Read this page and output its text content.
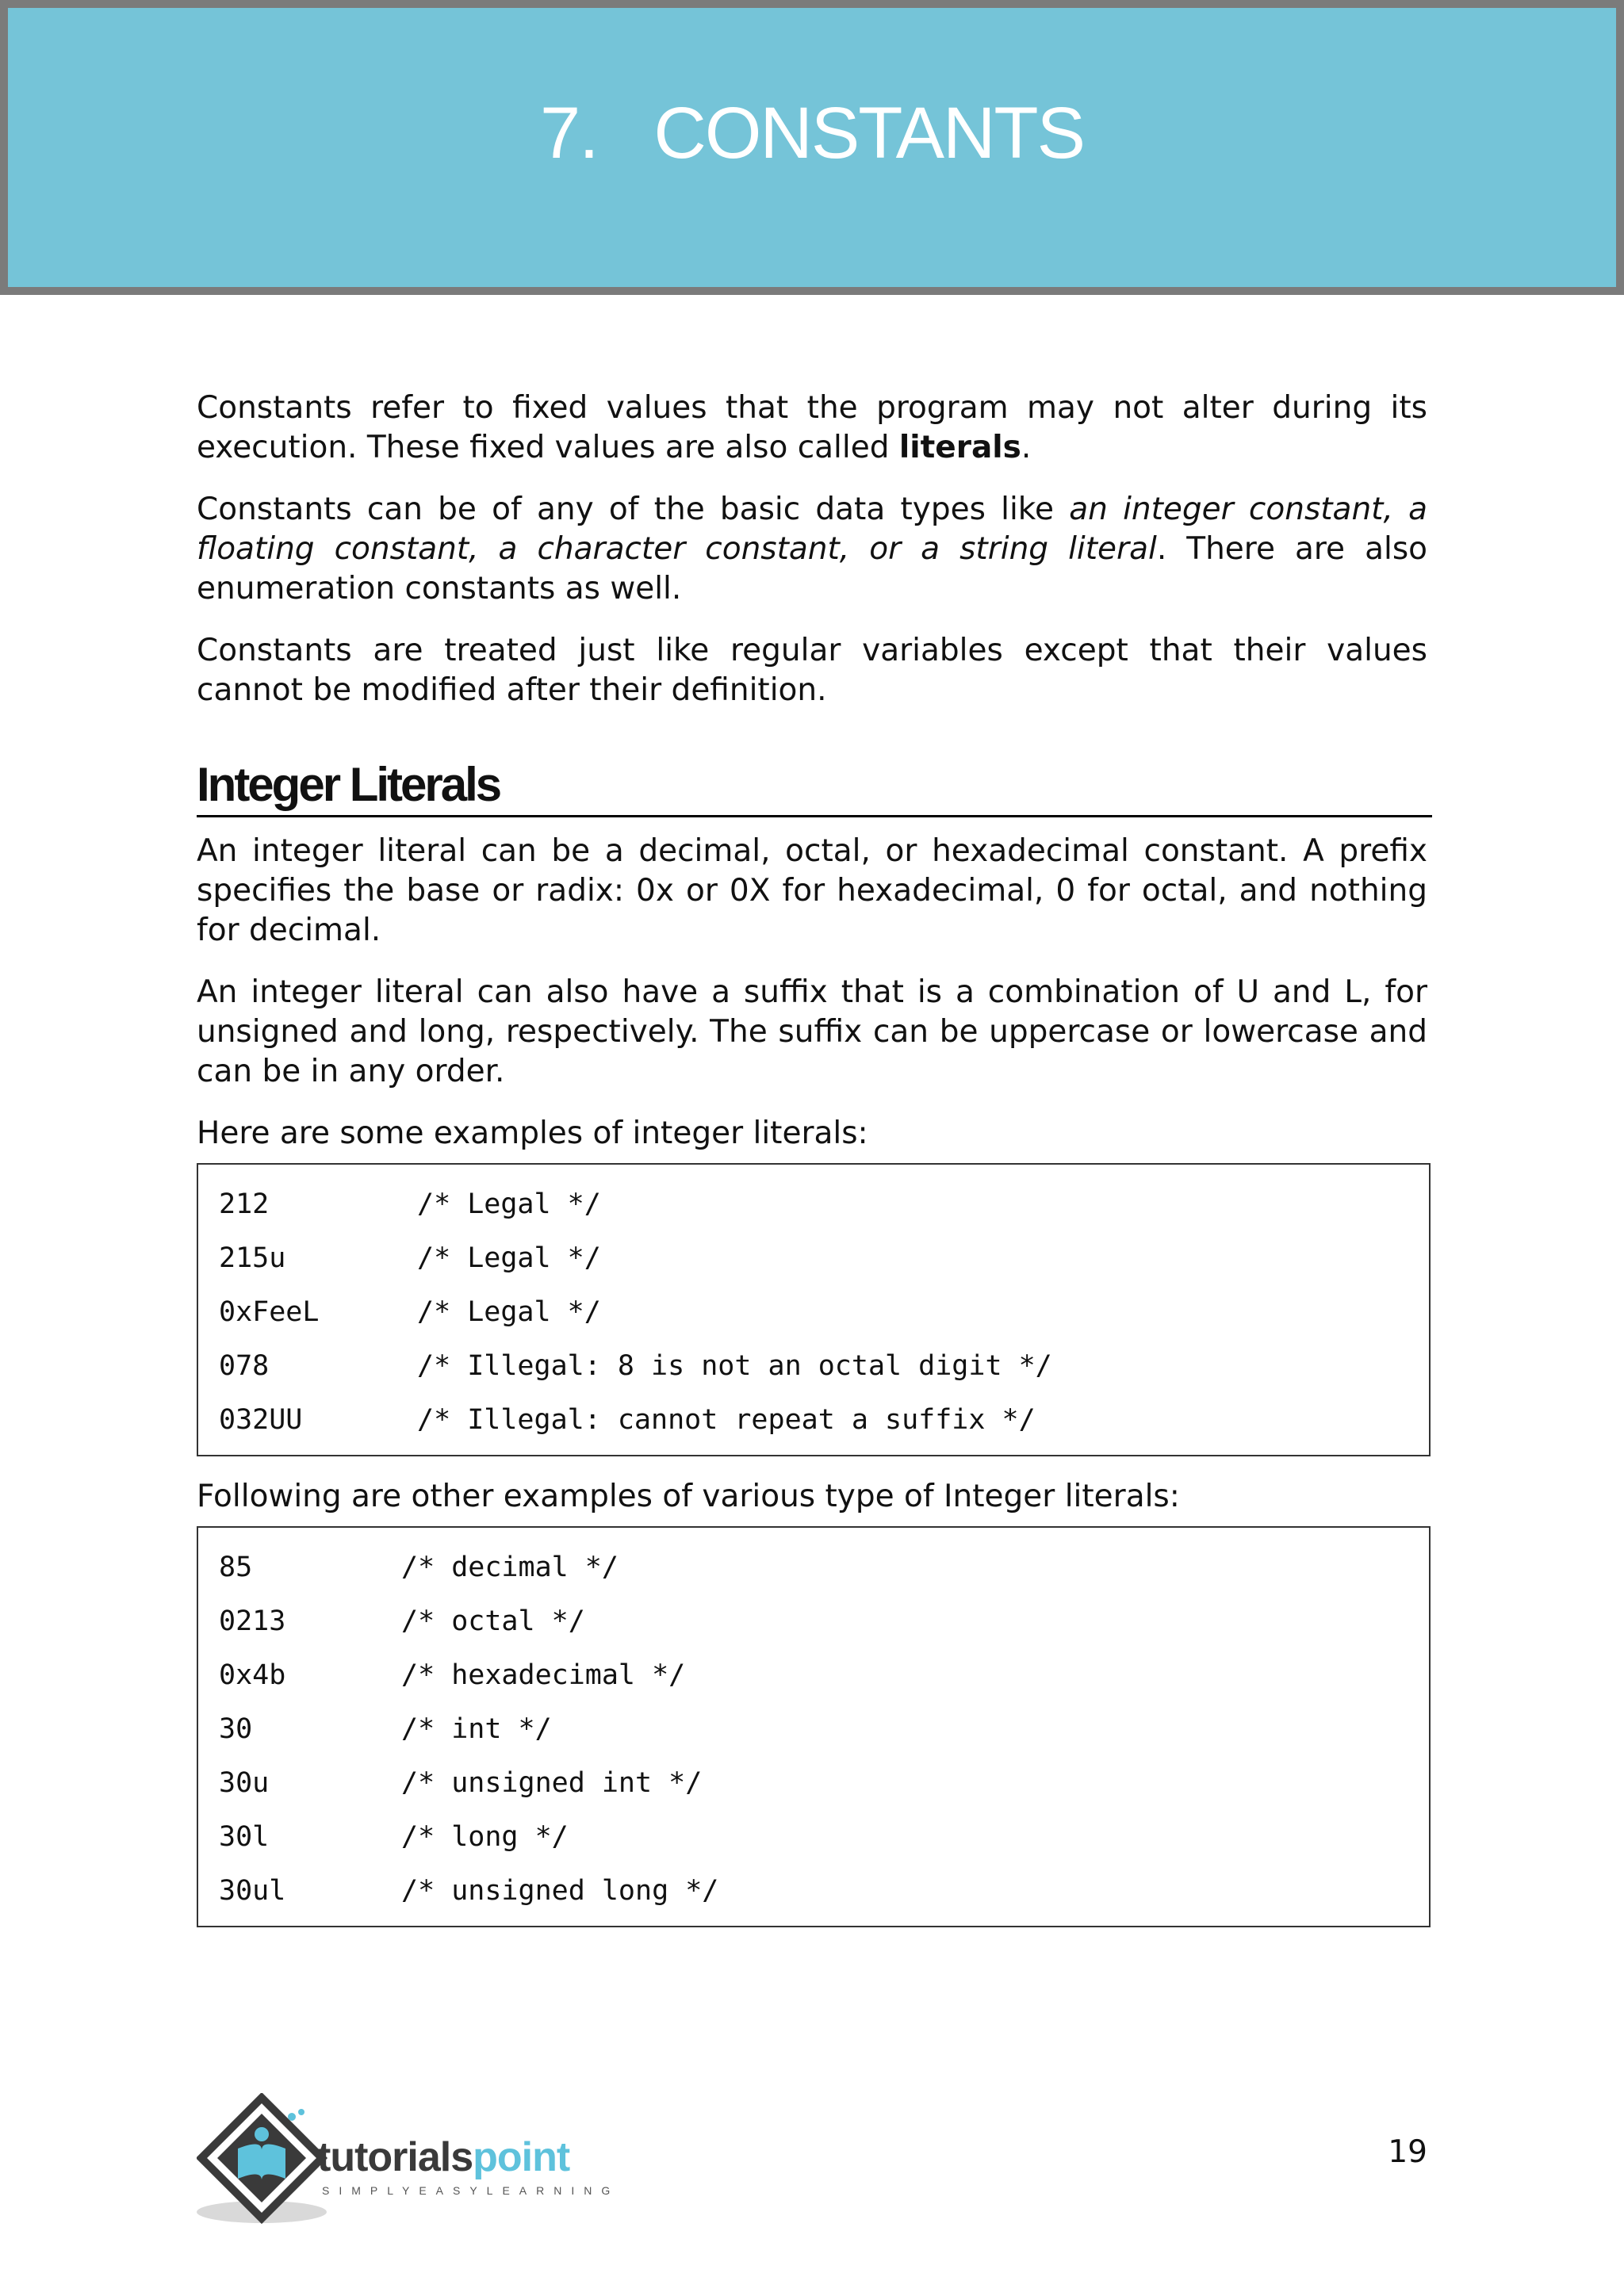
7.   CONSTANTS

Constants refer to fixed values that the program may not alter during its execution. These fixed values are also called literals.

Constants can be of any of the basic data types like an integer constant, a floating constant, a character constant, or a string literal. There are also enumeration constants as well.

Constants are treated just like regular variables except that their values cannot be modified after their definition.

Integer Literals

An integer literal can be a decimal, octal, or hexadecimal constant. A prefix specifies the base or radix: 0x or 0X for hexadecimal, 0 for octal, and nothing for decimal.

An integer literal can also have a suffix that is a combination of U and L, for unsigned and long, respectively. The suffix can be uppercase or lowercase and can be in any order.

Here are some examples of integer literals:

212	/* Legal */
215u	/* Legal */
0xFeeL	/* Legal */
078	/* Illegal: 8 is not an octal digit */
032UU	/* Illegal: cannot repeat a suffix */

Following are other examples of various type of Integer literals:

85	/* decimal */
0213	/* octal */
0x4b	/* hexadecimal */
30	/* int */
30u	/* unsigned int */
30l	/* long */
30ul	/* unsigned long */
tutorialspoint
SIMPLYEASYLEARNING
19
